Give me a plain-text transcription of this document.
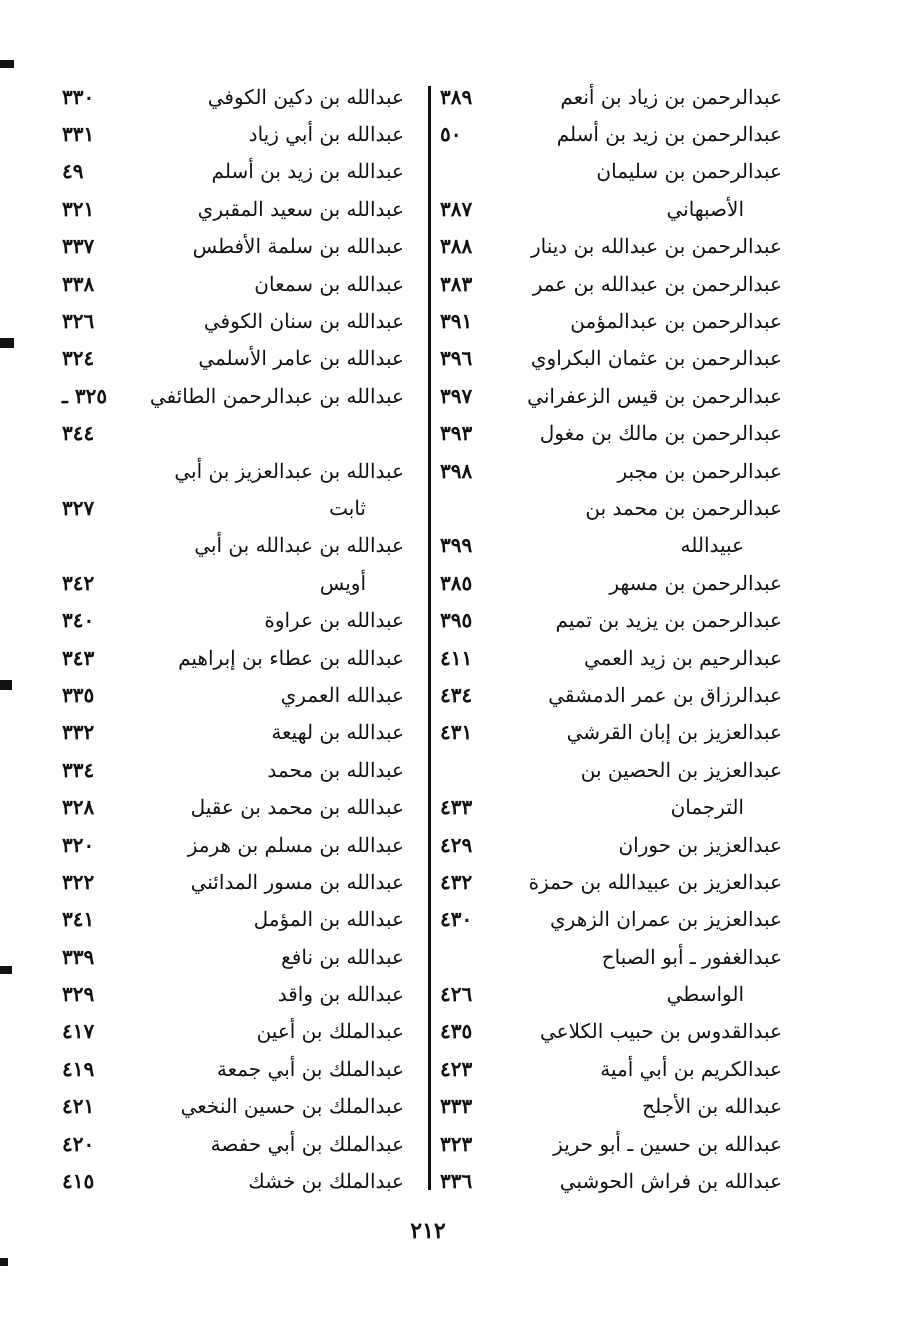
عبدالرحمن بن زياد بن أنعم
٣٨٩
عبدالرحمن بن زيد بن أسلم
٥٠
عبدالرحمن بن سليمان
الأصبهاني
٣٨٧
عبدالرحمن بن عبدالله بن دينار
٣٨٨
عبدالرحمن بن عبدالله بن عمر
٣٨٣
عبدالرحمن بن عبدالمؤمن
٣٩١
عبدالرحمن بن عثمان البكراوي
٣٩٦
عبدالرحمن بن قيس الزعفراني
٣٩٧
عبدالرحمن بن مالك بن مغول
٣٩٣
عبدالرحمن بن مجبر
٣٩٨
عبدالرحمن بن محمد بن
عبيدالله
٣٩٩
عبدالرحمن بن مسهر
٣٨٥
عبدالرحمن بن يزيد بن تميم
٣٩٥
عبدالرحيم بن زيد العمي
٤١١
عبدالرزاق بن عمر الدمشقي
٤٣٤
عبدالعزيز بن إبان القرشي
٤٣١
عبدالعزيز بن الحصين بن
الترجمان
٤٣٣
عبدالعزيز بن حوران
٤٢٩
عبدالعزيز بن عبيدالله بن حمزة
٤٣٢
عبدالعزيز بن عمران الزهري
٤٣٠
عبدالغفور ـ أبو الصباح
الواسطي
٤٢٦
عبدالقدوس بن حبيب الكلاعي
٤٣٥
عبدالكريم بن أبي أمية
٤٢٣
عبدالله بن الأجلح
٣٣٣
عبدالله بن حسين ـ أبو حريز
٣٢٣
عبدالله بن فراش الحوشبي
٣٣٦
عبدالله بن دكين الكوفي
٣٣٠
عبدالله بن أبي زياد
٣٣١
عبدالله بن زيد بن أسلم
٤٩
عبدالله بن سعيد المقبري
٣٢١
عبدالله بن سلمة الأفطس
٣٣٧
عبدالله بن سمعان
٣٣٨
عبدالله بن سنان الكوفي
٣٢٦
عبدالله بن عامر الأسلمي
٣٢٤
عبدالله بن عبدالرحمن الطائفي
٣٢٥ ـ
٣٤٤
عبدالله بن عبدالعزيز بن أبي
ثابت
٣٢٧
عبدالله بن عبدالله بن أبي
أويس
٣٤٢
عبدالله بن عراوة
٣٤٠
عبدالله بن عطاء بن إبراهيم
٣٤٣
عبدالله العمري
٣٣٥
عبدالله بن لهيعة
٣٣٢
عبدالله بن محمد
٣٣٤
عبدالله بن محمد بن عقيل
٣٢٨
عبدالله بن مسلم بن هرمز
٣٢٠
عبدالله بن مسور المدائني
٣٢٢
عبدالله بن المؤمل
٣٤١
عبدالله بن نافع
٣٣٩
عبدالله بن واقد
٣٢٩
عبدالملك بن أعين
٤١٧
عبدالملك بن أبي جمعة
٤١٩
عبدالملك بن حسين النخعي
٤٢١
عبدالملك بن أبي حفصة
٤٢٠
عبدالملك بن خشك
٤١٥
٢١٢
